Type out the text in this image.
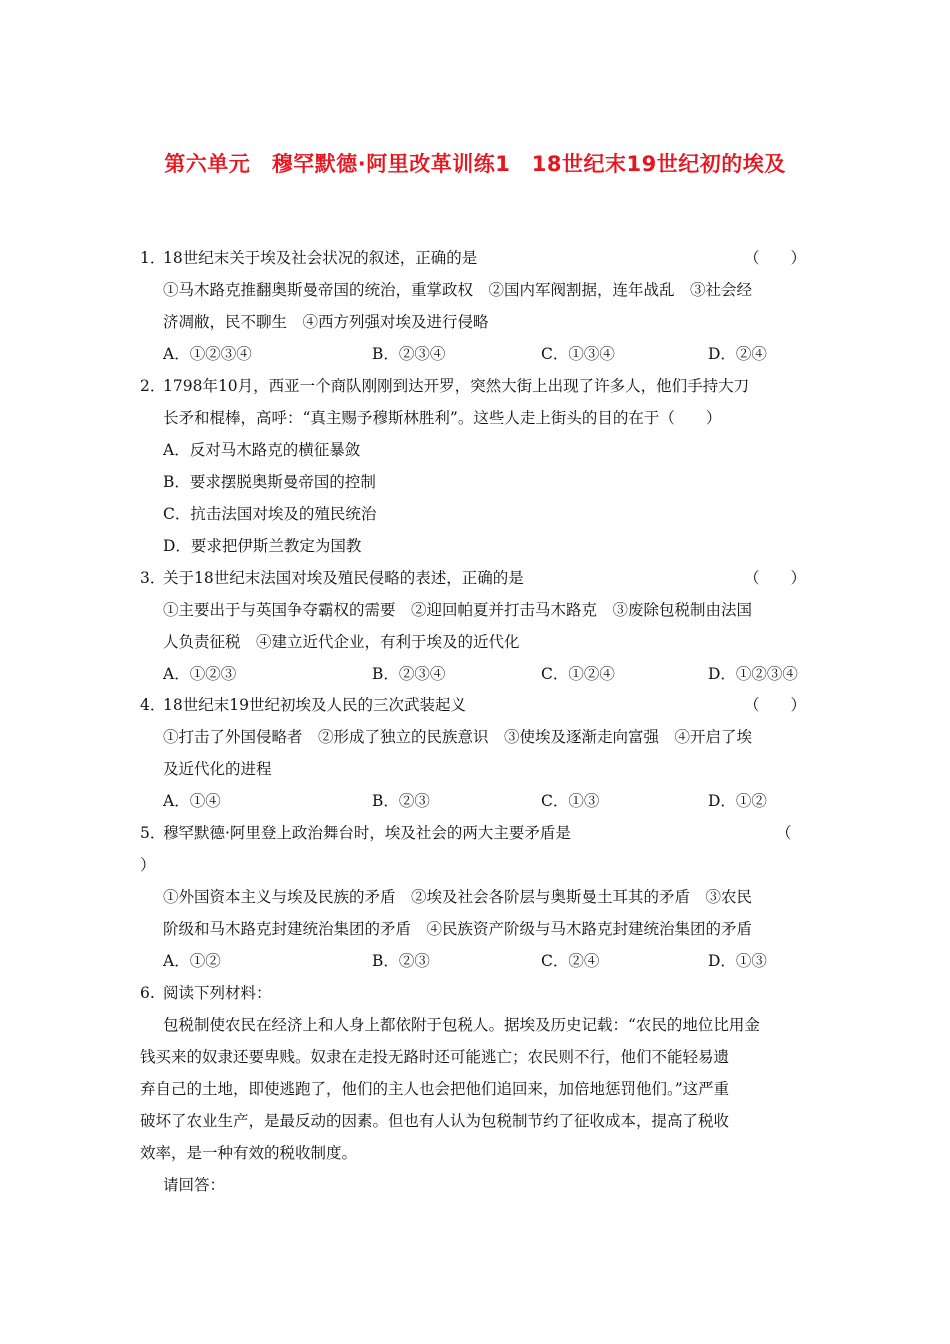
第六单元　穆罕默德·阿里改革训练1　18世纪末19世纪初的埃及
1．
18世纪末关于埃及社会状况的叙述，正确的是	（　　）
①马木路克推翻奥斯曼帝国的统治，重掌政权　②国内军阀割据，连年战乱　③社会经
济凋敝，民不聊生　④西方列强对埃及进行侵略
A．①②③④	B．②③④	C．①③④	D．②④
2．
1798年10月，西亚一个商队刚刚到达开罗，突然大街上出现了许多人，他们手持大刀
长矛和棍棒，高呼：“真主赐予穆斯林胜利”。这些人走上街头的目的在于（　　）
A．反对马木路克的横征暴敛
B．要求摆脱奥斯曼帝国的控制
C．抗击法国对埃及的殖民统治
D．要求把伊斯兰教定为国教
3．
关于18世纪末法国对埃及殖民侵略的表述，正确的是	（　　）
①主要出于与英国争夺霸权的需要　②迎回帕夏并打击马木路克　③废除包税制由法国
人负责征税　④建立近代企业，有利于埃及的近代化
A．①②③	B．②③④	C．①②④	D．①②③④
4．
18世纪末19世纪初埃及人民的三次武装起义	（　　）
①打击了外国侵略者　②形成了独立的民族意识　③使埃及逐渐走向富强　④开启了埃
及近代化的进程
A．①④	B．②③	C．①③	D．①②
5．
穆罕默德·阿里登上政治舞台时，埃及社会的两大主要矛盾是	（
）
①外国资本主义与埃及民族的矛盾　②埃及社会各阶层与奥斯曼土耳其的矛盾　③农民
阶级和马木路克封建统治集团的矛盾　④民族资产阶级与马木路克封建统治集团的矛盾
A．①②	B．②③	C．②④	D．①③
6. 阅读下列材料：
包税制使农民在经济上和人身上都依附于包税人。据埃及历史记载：“农民的地位比用金
钱买来的奴隶还要卑贱。奴隶在走投无路时还可能逃亡；农民则不行，他们不能轻易遗
弃自己的土地，即使逃跑了，他们的主人也会把他们追回来，加倍地惩罚他们。”这严重
破坏了农业生产，是最反动的因素。但也有人认为包税制节约了征收成本，提高了税收
效率，是一种有效的税收制度。
请回答：
